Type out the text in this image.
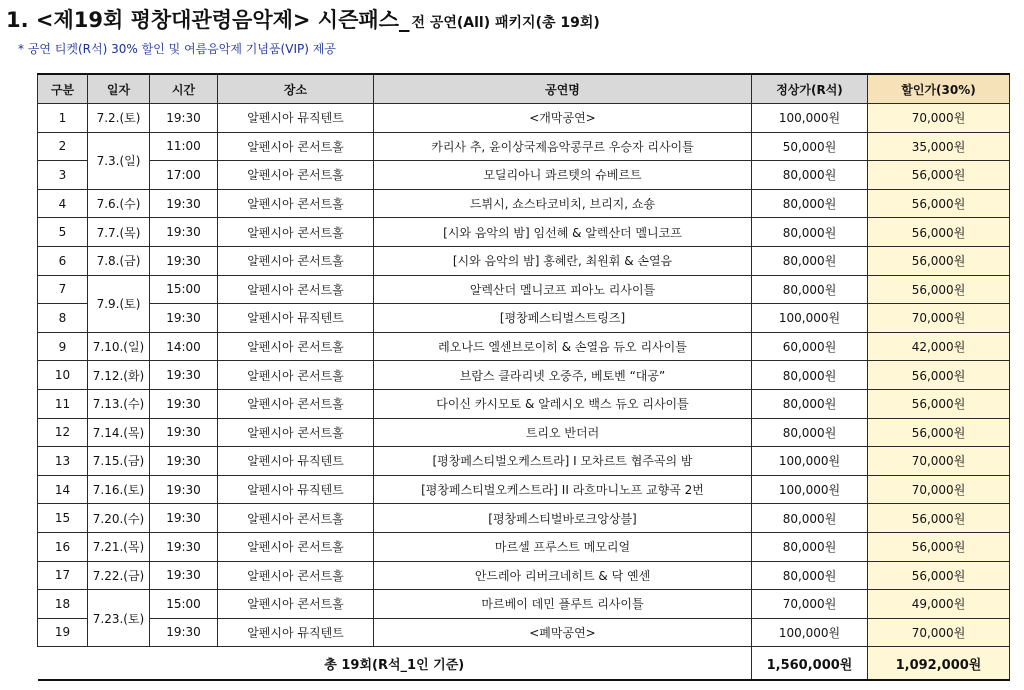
1. <제19회 평창대관령음악제> 시즌패스_ 전 공연(All) 패키지(총 19회)
* 공연 티켓(R석) 30% 할인 및 여름음악제 기념품(VIP) 제공
구분	일자	시간	장소	공연명	정상가(R석)	할인가(30%)
1	7.2.(토)	19:30	알펜시아 뮤직텐트	<개막공연>	100,000원	70,000원
2	7.3.(일)	11:00	알펜시아 콘서트홀	카리사 추, 윤이상국제음악콩쿠르 우승자 리사이틀	50,000원	35,000원
3		17:00	알펜시아 콘서트홀	모딜리아니 콰르텟의 슈베르트	80,000원	56,000원
4	7.6.(수)	19:30	알펜시아 콘서트홀	드뷔시, 쇼스타코비치, 브리지, 쇼숑	80,000원	56,000원
5	7.7.(목)	19:30	알펜시아 콘서트홀	[시와 음악의 밤] 임선혜 & 알렉산더 멜니코프	80,000원	56,000원
6	7.8.(금)	19:30	알펜시아 콘서트홀	[시와 음악의 밤] 홍혜란, 최원휘 & 손열음	80,000원	56,000원
7	7.9.(토)	15:00	알펜시아 콘서트홀	알렉산더 멜니코프 피아노 리사이틀	80,000원	56,000원
8		19:30	알펜시아 뮤직텐트	[평창페스티벌스트링즈]	100,000원	70,000원
9	7.10.(일)	14:00	알펜시아 콘서트홀	레오나드 엘센브로이히 & 손열음 듀오 리사이틀	60,000원	42,000원
10	7.12.(화)	19:30	알펜시아 콘서트홀	브람스 클라리넷 오중주, 베토벤 “대공”	80,000원	56,000원
11	7.13.(수)	19:30	알펜시아 콘서트홀	다이신 카시모토 & 알레시오 백스 듀오 리사이틀	80,000원	56,000원
12	7.14.(목)	19:30	알펜시아 콘서트홀	트리오 반더러	80,000원	56,000원
13	7.15.(금)	19:30	알펜시아 뮤직텐트	[평창페스티벌오케스트라] I 모차르트 협주곡의 밤	100,000원	70,000원
14	7.16.(토)	19:30	알펜시아 뮤직텐트	[평창페스티벌오케스트라] II 라흐마니노프 교향곡 2번	100,000원	70,000원
15	7.20.(수)	19:30	알펜시아 콘서트홀	[평창페스티벌바로크앙상블]	80,000원	56,000원
16	7.21.(목)	19:30	알펜시아 콘서트홀	마르셀 프루스트 메모리얼	80,000원	56,000원
17	7.22.(금)	19:30	알펜시아 콘서트홀	안드레아 리버크네히트 & 닥 옌센	80,000원	56,000원
18	7.23.(토)	15:00	알펜시아 콘서트홀	마르베이 데민 플루트 리사이틀	70,000원	49,000원
19		19:30	알펜시아 뮤직텐트	<폐막공연>	100,000원	70,000원
총 19회(R석_1인 기준)					1,560,000원	1,092,000원
